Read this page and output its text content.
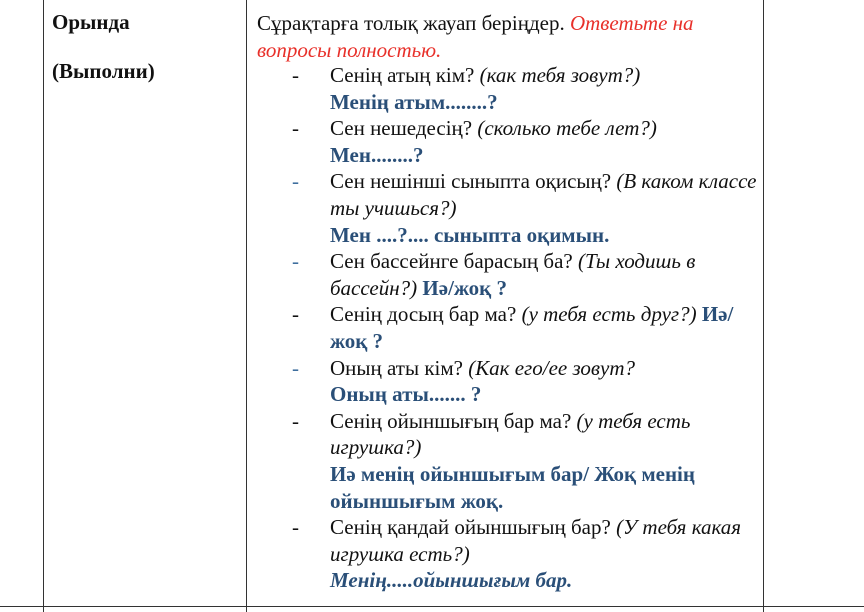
Орында
(Выполни)
Сұрақтарға толық жауап беріңдер. Ответьте на вопросы полностью.
-	Сенің атың кім? (как тебя зовут?)
Менің атым........?
-	Сен нешедесің? (сколько тебе лет?)
Мен........?
-	Сен нешінші сыныпта оқисың? (В каком классе ты учишься?)
Мен ....?.... сыныпта оқимын.
-	Сен бассейнге барасың ба? (Ты ходишь в бассейн?) Иә/жоқ ?
-	Сенің досың бар ма? (у тебя есть друг?) Иә/жоқ ?
-	Оның аты кім? (Как его/ее зовут?
Оның аты....... ?
-	Сенің ойыншығың бар ма? (у тебя есть игрушка?)
Иә менің ойыншығым бар/ Жоқ менің ойыншығым жоқ.
-	Сенің қандай ойыншығың бар? (У тебя какая игрушка есть?)
Менің.....ойыншығым бар.
